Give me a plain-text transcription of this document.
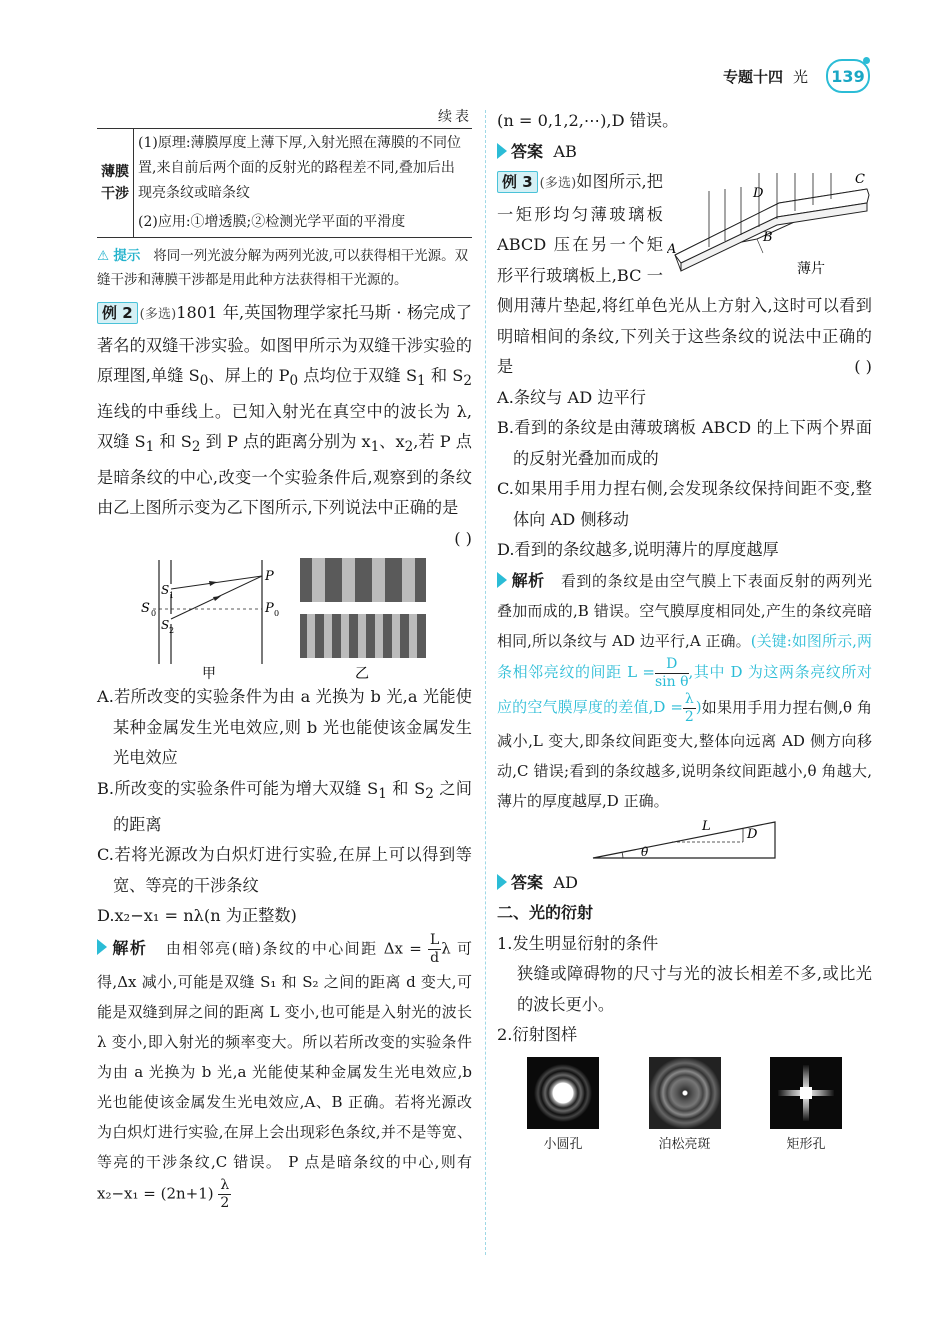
专题十四 光	139
续表
薄膜干涉	(1)原理:薄膜厚度上薄下厚,入射光照在薄膜的不同位置,来自前后两个面的反射光的路程差不同,叠加后出现亮条纹或暗条纹
(2)应用:①增透膜;②检测光学平面的平滑度
⚠ 提示 将同一列光波分解为两列光波,可以获得相干光源。双缝干涉和薄膜干涉都是用此种方法获得相干光源的。

例 2 (多选)1801 年,英国物理学家托马斯 · 杨完成了著名的双缝干涉实验。如图甲所示为双缝干涉实验的原理图,单缝 $S_0$、屏上的 $P_0$ 点均位于双缝 $S_1$ 和 $S_2$ 连线的中垂线上。已知入射光在真空中的波长为 λ,双缝 $S_1$ 和 $S_2$ 到 P 点的距离分别为 $x_1$、$x_2$,若 P 点是暗条纹的中心,改变一个实验条件后,观察到的条纹由乙上图所示变为乙下图所示,下列说法中正确的是
( )

S 0
S 1
S 2
P
P 0
甲	乙

A.若所改变的实验条件为由 a 光换为 b 光,a 光能使某种金属发生光电效应,则 b 光也能使该金属发生光电效应

B.所改变的实验条件可能为增大双缝 $S_1$ 和 $S_2$ 之间的距离

C.若将光源改为白炽灯进行实验,在屏上可以得到等宽、等亮的干涉条纹

D.x₂−x₁ = nλ(n 为正整数)

解析 由相邻亮(暗)条纹的中心间距 $\Delta x = \frac{L}{d}$ λ 可得,Δx 减小,可能是双缝 S₁ 和 S₂ 之间的距离 d 变大,可能是双缝到屏之间的距离 L 变小,也可能是入射光的波长 λ 变小,即入射光的频率变大。所以若所改变的实验条件为由 a 光换为 b 光,a 光能使某种金属发生光电效应,b 光也能使该金属发生光电效应,A、B 正确。若将光源改为白炽灯进行实验,在屏上会出现彩色条纹,并不是等宽、等亮的干涉条纹,C 错误。 P 点是暗条纹的中心,则有 $x_2-x_1 = (2n+1) \frac{\lambda}{2}$

(n = 0,1,2,⋯),D 错误。

答案 AB

A
B
C
D
薄片

例 3 (多选)如图所示,把一矩形均匀薄玻璃板 ABCD 压在另一个矩形平行玻璃板上,BC 一侧用薄片垫起,将红单色光从上方射入,这时可以看到明暗相间的条纹,下列关于这些条纹的说法中正确的是	( )

A.条纹与 AD 边平行

B.看到的条纹是由薄玻璃板 ABCD 的上下两个界面的反射光叠加而成的

C.如果用手用力捏右侧,会发现条纹保持间距不变,整体向 AD 侧移动

D.看到的条纹越多,说明薄片的厚度越厚

解析 看到的条纹是由空气膜上下表面反射的两列光叠加而成的,B 错误。空气膜厚度相同处,产生的条纹亮暗相同,所以条纹与 AD 边平行,A 正确。(关键:如图所示,两条相邻亮纹的间距 $L = \frac{D}{\text{sin θ}}$ ,其中 D 为这两条亮纹所对应的空气膜厚度的差值$,D = \frac{\lambda}{2}$ )如果用手用力捏右侧,θ 角减小,L 变大,即条纹间距变大,整体向远离 AD 侧方向移动,C 错误;看到的条纹越多,说明条纹间距越小,θ 角越大,薄片的厚度越厚,D 正确。

L
D
θ

答案 AD

二、光的衍射

1.发生明显衍射的条件

狭缝或障碍物的尺寸与光的波长相差不多,或比光的波长更小。

2.衍射图样

小圆孔	泊松亮斑	矩形孔
